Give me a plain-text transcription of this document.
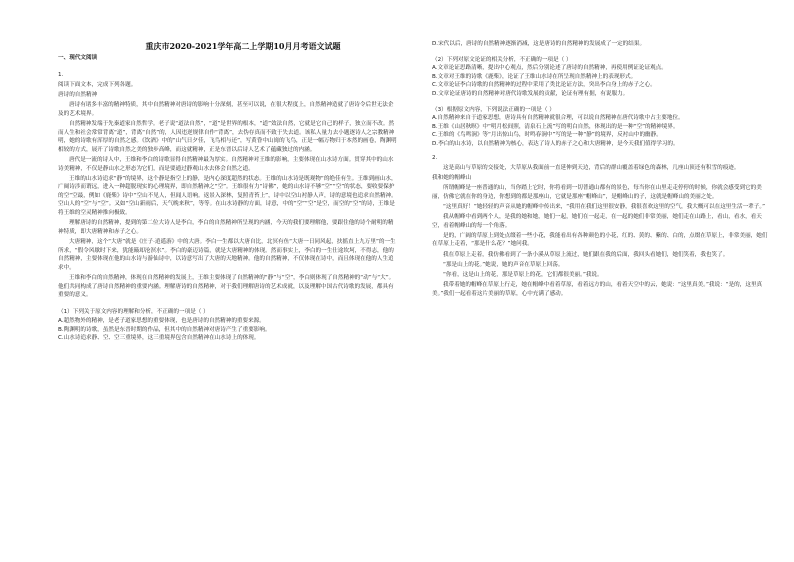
重庆市2020-2021学年高二上学期10月月考语文试题
一、现代文阅读

1.

阅读下面文本，完成下列各题。

唐诗的自然精神

唐诗有诸多丰富的精神特质，其中自然精神对唐诗的影响十分深刻，甚至可以说，在很大程度上，自然精神造就了唐诗令后世无法企及的艺术境界。

自然精神发端于先秦道家自然哲学。老子说“道法自然”，“道”是世界的根本，“道”效法自然，它就是它自己的样子，独立而不改。然而人生和社会常常背离“道”，背离“自然”的，人因违逆规律自作“背离”，去伪存真而不致于失去道。该私人量力去小题逐诗人之宗教精神明，她的诗歌有浑厚的自然之感。《饮酒》中的“山气日夕佳，飞鸟相与还”，写黄昏中山崗的飞鸟，正是一幅万物归于本然的画卷，陶渊明相较的方式，展开了诗歌自然之美的独步高峰，而这就精神，正是东晋以后诗人艺术了蕴藏独过的内涵。

唐代是一流的诗人中，王维和李白的诗歌显得自然精神最为厚实。自然精神对王维的影响，主要体现在山水诗方面。贯穿其中的山水诗美精神，不仅是静山水之形态为它们，而是要通过静观山水去体会自然之道。

王维的山水诗追求“静”的境界，这个静是指空上的静，是内心深度超然的状态。王维的山水诗是既观物“的绝佳有生。王维到画山水，广阔诗涉而谓远，进入一种超脱现实的心理境界，即自然精神之“空”。王维很有力“诗佛”，她的山水诗不够“空”“空”的状态，要收要保护的空“空最，例如《鹿柴》诗中“空山不见人，但闻人语响。返景入深林，复照青苔上”，诗中以空山衬静人声，诗的意境也追求自然精神。空山人的“空”与“空”。又如“空山新雨后，天气晚来秋”，等等。在山水诗静的方面，诗意，中的“空”“空”是空，而空的“空”的诗，王维是将王维的空灵精神推向极致。

理解唐诗的自然精神，提到的第二位大诗人是李白，李白的自然精神所呈现的内涵，今天的我们要理解他，要跟住他的诗个耐明的精神特质，即大唐精神和赤子之心。

大唐精神，这个“大唐”就是《庄子·逍遥游》中的大唐。李白一生都以大唐自比，北冥有鱼“大唐一日同风起，扶摇直上九万里”的一生所求，“假令风歇时下来，犹能簸却沧溟水”。李白的豪迈诗篇，就是大唐精神的体现。然而事实上，李白的一生仕途坎坷，不得志，他的自然精神，主要体现在他的山水诗与游仙诗中，以诗意写出了大唐的天地精神。他的自然精神，不仅体现在诗中，而且体现在他的人生追求中。

王维和李白的自然精神，体现在自然精神的发展上，王维主要体现了自然精神的“静”与“空”，李白则体现了自然精神的“动”与“大”。他们共同构成了唐诗自然精神的重要内涵。理解唐诗的自然精神，对于我们理解唐诗的艺术成就，以及理解中国古代诗歌的发展，都具有重要的意义。

（1）下列关于原文内容的理解和分析，不正确的一项是（ ）

A.超然物外的精神，是老子道家思想的重要体现，也是唐诗的自然精神的重要来源。

B.陶渊明的诗歌，虽然是东晋时期的作品，但其中的自然精神对唐诗产生了重要影响。

C.山水诗追求静、空、空三重境界，这三重境界包含自然精神在山水诗上的体现。

D.宋代以后，唐诗的自然精神逐渐消减，这是唐诗的自然精神的发展成了一定的结果。

（2）下列对原文论证的相关分析，不正确的一项是（ ）

A.文章论证思路清晰，提出中心观点，然后分别论述了唐诗的自然精神，再使用例证论证观点。

B.文章对王维的诗歌《鹿柴》，论证了王维山水诗在所呈现自然精神上的表现形式。

C.文章论证李白诗歌的自然精神的过程中采用了类比论证方法，突出李白身上的赤子之心。

D.文章论证唐诗的自然精神对唐代诗歌发展的贡献，论证有理有据，有说服力。

（3）根据原文内容，下列说法正确的一项是（ ）

A.自然精神来自于道家思想，唐诗具有自然精神就很合理，可以说自然精神在唐代诗歌中占主要地位。

B.王维《山居秋暝》中“明月松间照，清泉石上流”写的明白自然，体现出的是一种“空”的精神境界。

C.王维的《鸟鸣涧》等“月出惊山鸟，时鸣春涧中”写的是一种“静”的境界，反衬山中的幽静。

D.李白的山水诗，以自然精神为核心，表达了诗人的赤子之心和大唐精神，是今天我们值得学习的。

2.

这是高山与草原的交接处，大草原从我面前一直延伸到天边，背后的群山覆盖着绿色的森林，几座山顶还有积雪的痕迹。

我和她的帽峰山

所谓帽峰是一座普通的山，当你踏上它时，你将看到一切普通山都有的景色，每当你在山里走走停停的时候，你就会感受到它的美丽，仿佛它就在你的身边，你想到的都是那座山，它就是那座“帽峰山”，是帽峰山的子，这就是帽峰山的美丽之处。

“这里真好！”她轻轻的声音从她的帽峰中传出来，“我用在我们这里很安静，我很喜欢这里的空气，我大概可以在这里生活一辈子。”

我从帽峰中看到两个人，是我的她和她，她们一起，她们在一起走，在一起的她们非常美丽，她们走在山路上，看山，看水，看天空，看着帽峰山的每一个角落。

是的，广阔的草原上到处点缀着一些小花，我能看出有各种颜色的小花，红的、黄的、紫的、白的，点缀在草原上，非常美丽，她们在草原上走着，“那是什么花？”她问我。

我在草原上走着，我仿佛看到了一条小溪从草原上流过，她们跟在我的后面，我回头看她们，她们笑着，我也笑了。

“那是山上的花。”她说，她的声音在草原上回荡。

“你看，这是山上的花，那是草原上的花，它们都很美丽。”我说。

我带着她的帽峰在草原上行走，她在帽峰中看着草原，看着远方的山，看着天空中的云，她说：“这里真美。”我说：“是的，这里真美。”我们一起看着这片美丽的草原，心中充满了感动。
